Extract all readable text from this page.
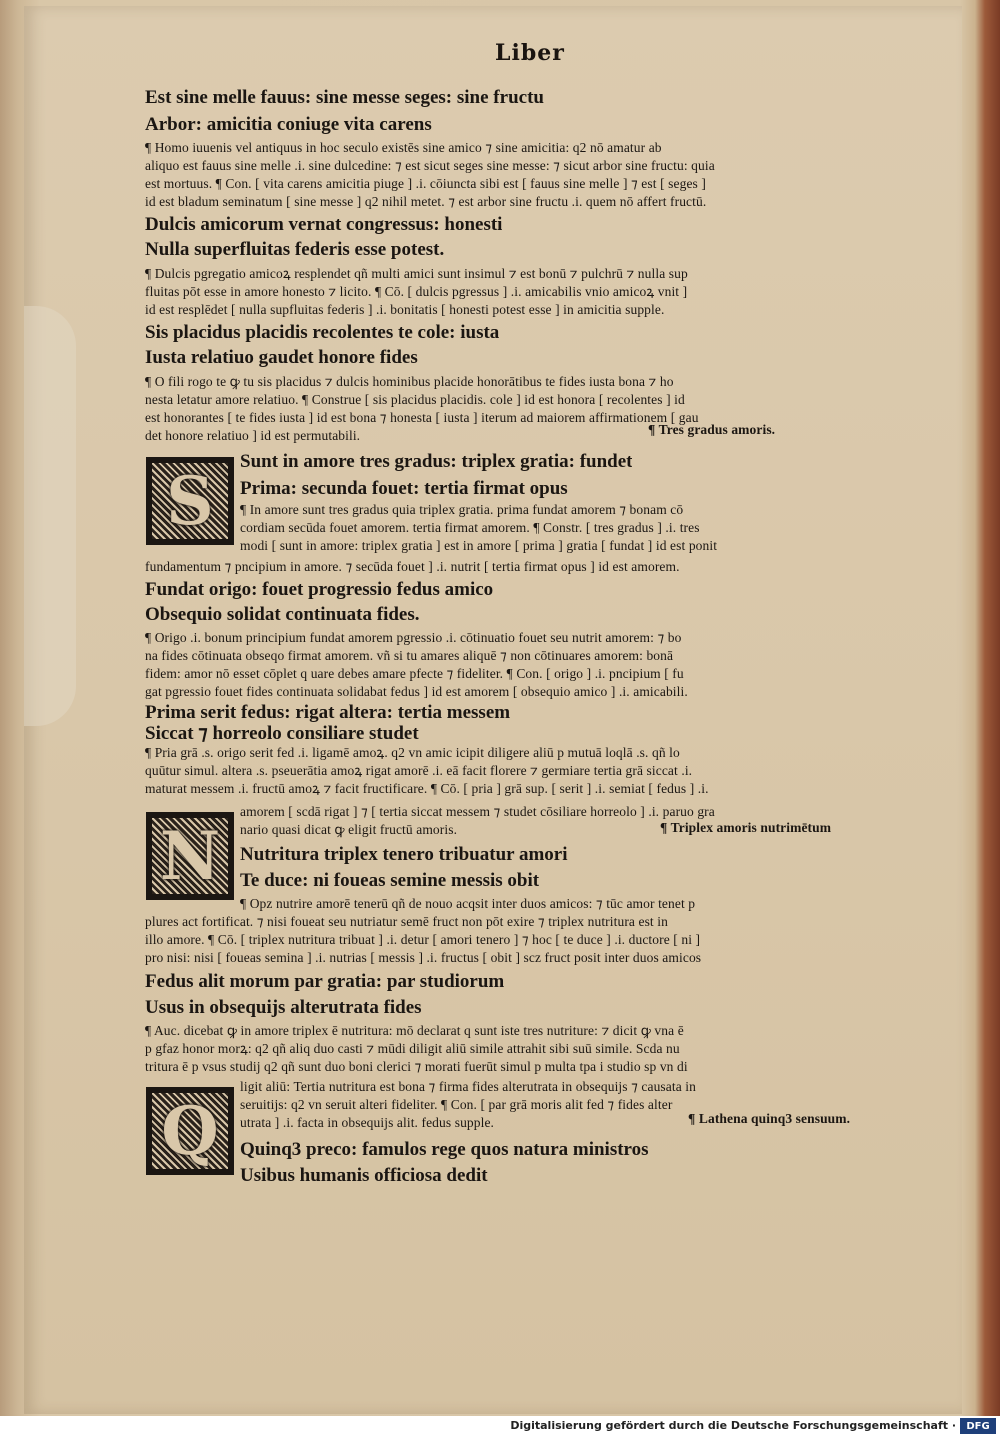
Liber
S
N
Q
Est sine melle fauus: sine messe seges: sine fructu
Arbor: amicitia coniuge vita carens
¶ Homo iuuenis vel antiquus in hoc seculo existēs sine amico ⁊ sine amicitia: q2 nō amatur ab
aliquo est fauus sine melle .i. sine dulcedine: ⁊ est sicut seges sine messe: ⁊ sicut arbor sine fructu: quia
est mortuus. ¶ Con. [ vita carens amicitia piuge ] .i. cōiuncta sibi est [ fauus sine melle ] ⁊ est [ seges ]
id est bladum seminatum [ sine messe ] q2 nihil metet. ⁊ est arbor sine fructu .i. quem nō affert fructū.
Dulcis amicorum vernat congressus: honesti
Nulla superfluitas federis esse potest.
¶ Dulcis pgregatio amicoꝝ resplendet qñ multi amici sunt insimul ⁊ est bonū ⁊ pulchrū ⁊ nulla sup
fluitas pōt esse in amore honesto ⁊ licito. ¶ Cō. [ dulcis pgressus ] .i. amicabilis vnio amicoꝝ vnit ]
id est resplēdet [ nulla supfluitas federis ] .i. bonitatis [ honesti potest esse ] in amicitia supple.
Sis placidus placidis recolentes te cole: iusta
Iusta relatiuo gaudet honore fides
¶ O fili rogo te ꝙ tu sis placidus ⁊ dulcis hominibus placide honorātibus te fides iusta bona ⁊ ho
nesta letatur amore relatiuo. ¶ Construe [ sis placidus placidis. cole ] id est honora [ recolentes ] id
est honorantes [ te fides iusta ] id est bona ⁊ honesta [ iusta ] iterum ad maiorem affirmationem [ gau
det honore relatiuo ] id est permutabili.	¶ Tres gradus amoris.
Sunt in amore tres gradus: triplex gratia: fundet
Prima: secunda fouet: tertia firmat opus
¶ In amore sunt tres gradus quia triplex gratia. prima fundat amorem ⁊ bonam cō
cordiam secūda fouet amorem. tertia firmat amorem. ¶ Constr. [ tres gradus ] .i. tres
modi [ sunt in amore: triplex gratia ] est in amore [ prima ] gratia [ fundat ] id est ponit
fundamentum ⁊ pncipium in amore. ⁊ secūda fouet ] .i. nutrit [ tertia firmat opus ] id est amorem.
Fundat origo: fouet progressio fedus amico
Obsequio solidat continuata fides.
¶ Origo .i. bonum principium fundat amorem pgressio .i. cōtinuatio fouet seu nutrit amorem: ⁊ bo
na fides cōtinuata obseqo firmat amorem. vñ si tu amares aliquē ⁊ non cōtinuares amorem: bonā
fidem: amor nō esset cōplet q uare debes amare pfecte ⁊ fideliter. ¶ Con. [ origo ] .i. pncipium [ fu
gat pgressio fouet fides continuata solidabat fedus ] id est amorem [ obsequio amico ] .i. amicabili.
Prima serit fedus: rigat altera: tertia messem
Siccat ⁊ horreolo consiliare studet
¶ Pria grā .s. origo serit fed .i. ligamē amoꝝ. q2 vn amic icipit diligere aliū p mutuā loqlā .s. qñ lo
quūtur simul. altera .s. pseuerātia amoꝝ rigat amorē .i. eā facit florere ⁊ germiare tertia grā siccat .i.
maturat messem .i. fructū amoꝝ ⁊ facit fructificare. ¶ Cō. [ pria ] grā sup. [ serit ] .i. semiat [ fedus ] .i.
amorem [ scdā rigat ] ⁊ [ tertia siccat messem ⁊ studet cōsiliare horreolo ] .i. paruo gra
nario quasi dicat ꝙ eligit fructū amoris.	¶ Triplex amoris nutrimētum
Nutritura triplex tenero tribuatur amori
Te duce: ni foueas semine messis obit
¶ Opz nutrire amorē tenerū qñ de nouo acqsit inter duos amicos: ⁊ tūc amor tenet p
plures act fortificat. ⁊ nisi foueat seu nutriatur semē fruct non pōt exire ⁊ triplex nutritura est in
illo amore. ¶ Cō. [ triplex nutritura tribuat ] .i. detur [ amori tenero ] ⁊ hoc [ te duce ] .i. ductore [ ni ]
pro nisi: nisi [ foueas semina ] .i. nutrias [ messis ] .i. fructus [ obit ] scz fruct posit inter duos amicos
Fedus alit morum par gratia: par studiorum
Usus in obsequijs alterutrata fides
¶ Auc. dicebat ꝙ in amore triplex ē nutritura: mō declarat q sunt iste tres nutriture: ⁊ dicit ꝙ vna ē
p gfaz honor morꝝ: q2 qñ aliq duo casti ⁊ mūdi diligit aliū simile attrahit sibi suū simile. Scda nu
tritura ē p vsus studij q2 qñ sunt duo boni clerici ⁊ morati fuerūt simul p multa tpa i studio sp vn di
ligit aliū: Tertia nutritura est bona ⁊ firma fides alterutrata in obsequijs ⁊ causata in
seruitijs: q2 vn seruit alteri fideliter. ¶ Con. [ par grā moris alit fed ⁊ fides alter
utrata ] .i. facta in obsequijs alit. fedus supple.	¶ Lathena quinq3 sensuum.
Quinq3 preco: famulos rege quos natura ministros
Usibus humanis officiosa dedit
Digitalisierung gefördert durch die Deutsche Forschungsgemeinschaft ·	DFG
